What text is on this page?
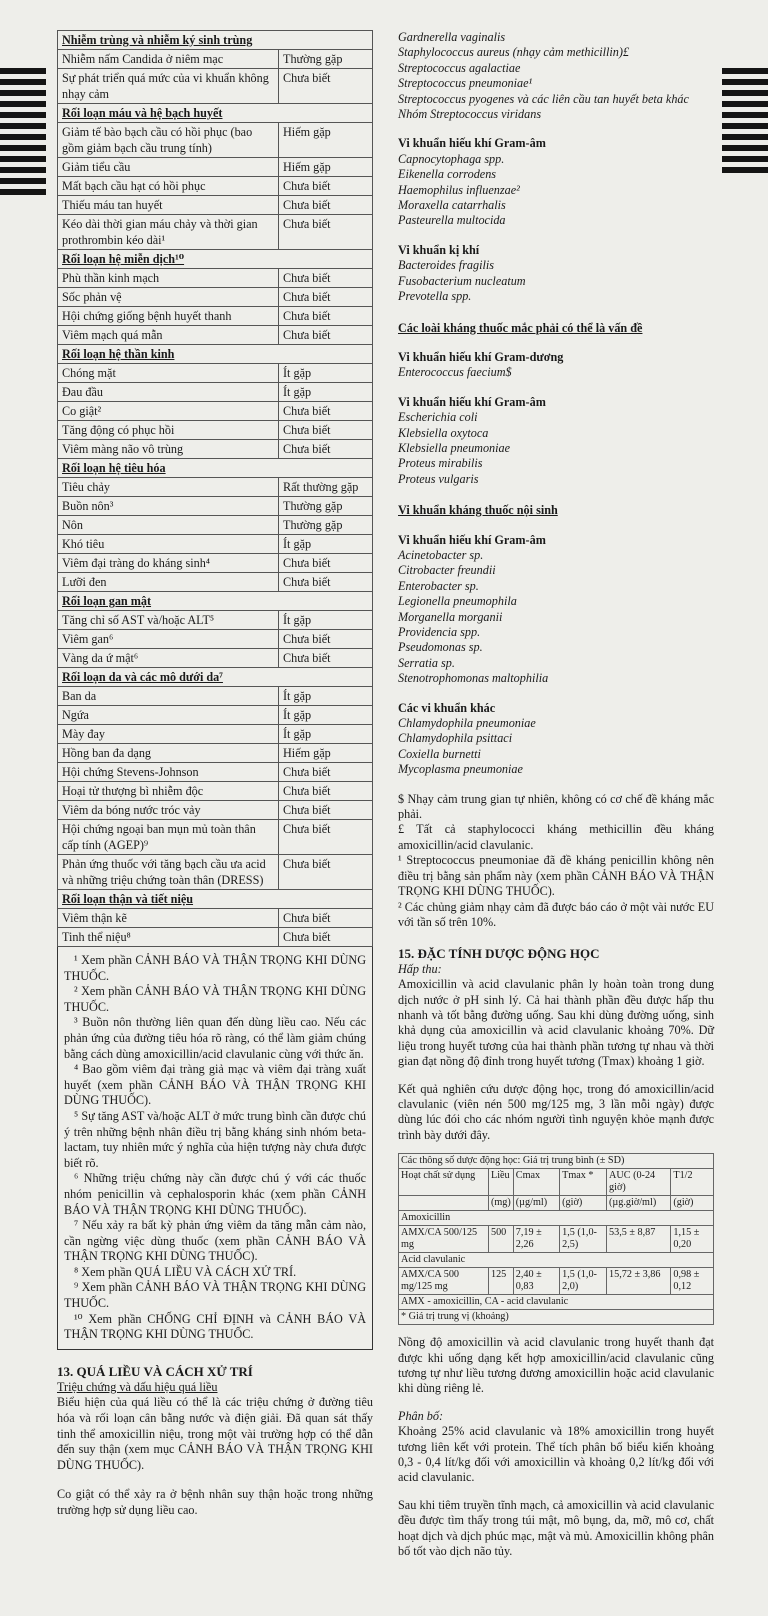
Nhiễm trùng và nhiễm ký sinh trùng	
Nhiễm nấm Candida ở niêm mạc	Thường gặp
Sự phát triển quá mức của vi khuẩn không nhạy cảm	Chưa biết
Rối loạn máu và hệ bạch huyết	
Giảm tế bào bạch cầu có hồi phục (bao gồm giảm bạch cầu trung tính)	Hiếm gặp
Giảm tiểu cầu	Hiếm gặp
Mất bạch cầu hạt có hồi phục	Chưa biết
Thiếu máu tan huyết	Chưa biết
Kéo dài thời gian máu chảy và thời gian prothrombin kéo dài¹	Chưa biết
Rối loạn hệ miễn dịch¹⁰	
Phù thần kinh mạch	Chưa biết
Sốc phản vệ	Chưa biết
Hội chứng giống bệnh huyết thanh	Chưa biết
Viêm mạch quá mẫn	Chưa biết
Rối loạn hệ thần kinh	
Chóng mặt	Ít gặp
Đau đầu	Ít gặp
Co giật²	Chưa biết
Tăng động có phục hồi	Chưa biết
Viêm màng não vô trùng	Chưa biết
Rối loạn hệ tiêu hóa	
Tiêu chảy	Rất thường gặp
Buồn nôn³	Thường gặp
Nôn	Thường gặp
Khó tiêu	Ít gặp
Viêm đại tràng do kháng sinh⁴	Chưa biết
Lưỡi đen	Chưa biết
Rối loạn gan mật	
Tăng chỉ số AST và/hoặc ALT⁵	Ít gặp
Viêm gan⁶	Chưa biết
Vàng da ứ mật⁶	Chưa biết
Rối loạn da và các mô dưới da⁷	
Ban da	Ít gặp
Ngứa	Ít gặp
Mày đay	Ít gặp
Hồng ban đa dạng	Hiếm gặp
Hội chứng Stevens-Johnson	Chưa biết
Hoại tử thượng bì nhiễm độc	Chưa biết
Viêm da bóng nước tróc vảy	Chưa biết
Hội chứng ngoại ban mụn mủ toàn thân cấp tính (AGEP)⁹	Chưa biết
Phản ứng thuốc với tăng bạch cầu ưa acid và những triệu chứng toàn thân (DRESS)	Chưa biết
Rối loạn thận và tiết niệu	
Viêm thận kẽ	Chưa biết
Tinh thể niệu⁸	Chưa biết

¹ Xem phần CẢNH BÁO VÀ THẬN TRỌNG KHI DÙNG THUỐC.

² Xem phần CẢNH BÁO VÀ THẬN TRỌNG KHI DÙNG THUỐC.

³ Buồn nôn thường liên quan đến dùng liều cao. Nếu các phản ứng của đường tiêu hóa rõ ràng, có thể làm giảm chúng bằng cách dùng amoxicillin/acid clavulanic cùng với thức ăn.

⁴ Bao gồm viêm đại tràng giả mạc và viêm đại tràng xuất huyết (xem phần CẢNH BÁO VÀ THẬN TRỌNG KHI DÙNG THUỐC).

⁵ Sự tăng AST và/hoặc ALT ở mức trung bình cần được chú ý trên những bệnh nhân điều trị bằng kháng sinh nhóm beta-lactam, tuy nhiên mức ý nghĩa của hiện tượng này chưa được biết rõ.

⁶ Những triệu chứng này cần được chú ý với các thuốc nhóm penicillin và cephalosporin khác (xem phần CẢNH BÁO VÀ THẬN TRỌNG KHI DÙNG THUỐC).

⁷ Nếu xảy ra bất kỳ phản ứng viêm da tăng mẫn cảm nào, cần ngừng việc dùng thuốc (xem phần CẢNH BÁO VÀ THẬN TRỌNG KHI DÙNG THUỐC).

⁸ Xem phần QUÁ LIỀU VÀ CÁCH XỬ TRÍ.

⁹ Xem phần CẢNH BÁO VÀ THẬN TRỌNG KHI DÙNG THUỐC.

¹⁰ Xem phần CHỐNG CHỈ ĐỊNH và CẢNH BÁO VÀ THẬN TRỌNG KHI DÙNG THUỐC.

13. QUÁ LIỀU VÀ CÁCH XỬ TRÍ
Triệu chứng và dấu hiệu quá liều

Biểu hiện của quá liều có thể là các triệu chứng ở đường tiêu hóa và rối loạn cân bằng nước và điện giải. Đã quan sát thấy tinh thể amoxicillin niệu, trong một vài trường hợp có thể dẫn đến suy thận (xem mục CẢNH BÁO VÀ THẬN TRỌNG KHI DÙNG THUỐC).

Co giật có thể xảy ra ở bệnh nhân suy thận hoặc trong những trường hợp sử dụng liều cao.

Gardnerella vaginalis
Staphylococcus aureus (nhạy cảm methicillin)£
Streptococcus agalactiae
Streptococcus pneumoniae¹
Streptococcus pyogenes và các liên cầu tan huyết beta khác
Nhóm Streptococcus viridans
Vi khuẩn hiếu khí Gram-âm
Capnocytophaga spp.
Eikenella corrodens
Haemophilus influenzae²
Moraxella catarrhalis
Pasteurella multocida
Vi khuẩn kị khí
Bacteroides fragilis
Fusobacterium nucleatum
Prevotella spp.
Các loài kháng thuốc mắc phải có thể là vấn đề
Vi khuẩn hiếu khí Gram-dương
Enterococcus faecium$
Vi khuẩn hiếu khí Gram-âm
Escherichia coli
Klebsiella oxytoca
Klebsiella pneumoniae
Proteus mirabilis
Proteus vulgaris
Vi khuẩn kháng thuốc nội sinh
Vi khuẩn hiếu khí Gram-âm
Acinetobacter sp.
Citrobacter freundii
Enterobacter sp.
Legionella pneumophila
Morganella morganii
Providencia spp.
Pseudomonas sp.
Serratia sp.
Stenotrophomonas maltophilia
Các vi khuẩn khác
Chlamydophila pneumoniae
Chlamydophila psittaci
Coxiella burnetti
Mycoplasma pneumoniae

$ Nhạy cảm trung gian tự nhiên, không có cơ chế đề kháng mắc phải.

£ Tất cả staphylococci kháng methicillin đều kháng amoxicillin/acid clavulanic.

¹ Streptococcus pneumoniae đã đề kháng penicillin không nên điều trị bằng sản phẩm này (xem phần CẢNH BÁO VÀ THẬN TRỌNG KHI DÙNG THUỐC).

² Các chủng giảm nhạy cảm đã được báo cáo ở một vài nước EU với tần số trên 10%.

15. ĐẶC TÍNH DƯỢC ĐỘNG HỌC
Hấp thu:

Amoxicillin và acid clavulanic phân ly hoàn toàn trong dung dịch nước ở pH sinh lý. Cả hai thành phần đều được hấp thu nhanh và tốt bằng đường uống. Sau khi dùng đường uống, sinh khả dụng của amoxicillin và acid clavulanic khoảng 70%. Dữ liệu trong huyết tương của hai thành phần tương tự nhau và thời gian đạt nồng độ đỉnh trong huyết tương (Tmax) khoảng 1 giờ.

Kết quả nghiên cứu dược động học, trong đó amoxicillin/acid clavulanic (viên nén 500 mg/125 mg, 3 lần mỗi ngày) được dùng lúc đói cho các nhóm người tình nguyện khỏe mạnh được trình bày dưới đây.

Các thông số dược động học: Giá trị trung bình (± SD)					
Hoạt chất sử dụng	Liều	Cmax	Tmax *	AUC (0-24 giờ)	T1/2
	(mg)	(µg/ml)	(giờ)	(µg.giờ/ml)	(giờ)
Amoxicillin					
AMX/CA 500/125 mg	500	7,19 ± 2,26	1,5 (1,0-2,5)	53,5 ± 8,87	1,15 ± 0,20
Acid clavulanic					
AMX/CA 500 mg/125 mg	125	2,40 ± 0,83	1,5 (1,0-2,0)	15,72 ± 3,86	0,98 ± 0,12
AMX - amoxicillin, CA - acid clavulanic					
* Giá trị trung vị (khoảng)					

Nồng độ amoxicillin và acid clavulanic trong huyết thanh đạt được khi uống dạng kết hợp amoxicillin/acid clavulanic cũng tương tự như liều tương đương amoxicillin hoặc acid clavulanic khi dùng riêng lẻ.

Phân bố:

Khoảng 25% acid clavulanic và 18% amoxicillin trong huyết tương liên kết với protein. Thể tích phân bố biểu kiến khoảng 0,3 - 0,4 lít/kg đối với amoxicillin và khoảng 0,2 lít/kg đối với acid clavulanic.

Sau khi tiêm truyền tĩnh mạch, cả amoxicillin và acid clavulanic đều được tìm thấy trong túi mật, mô bụng, da, mỡ, mô cơ, chất hoạt dịch và dịch phúc mạc, mật và mủ. Amoxicillin không phân bố tốt vào dịch não tủy.
